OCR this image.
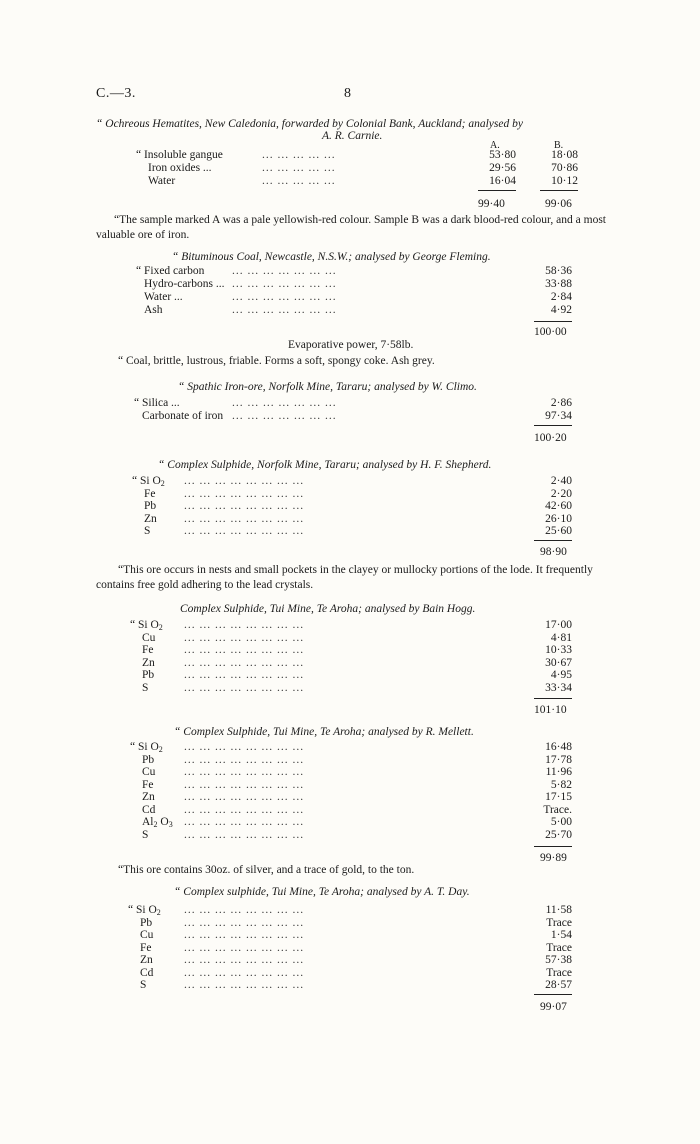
C.—3.	8
“ Ochreous Hematites, New Caledonia, forwarded by Colonial Bank, Auckland; analysed by
A. R. Carnie.
A.	B.
“ Insoluble gangue	... ... ... ... ...	53·80	18·08
Iron oxides ...	... ... ... ... ...	29·56	70·86
Water	... ... ... ... ...	16·04	10·12
99·40	99·06
“The sample marked A was a pale yellowish-red colour. Sample B was a dark blood-red colour, and a most valuable ore of iron.
“ Bituminous Coal, Newcastle, N.S.W.; analysed by George Fleming.
“ Fixed carbon ... ... ... ... ... ... ...	58·36
Hydro-carbons ... ... ... ... ... ... ... ...	33·88
Water ...	... ... ... ... ... ... ...	2·84
Ash	... ... ... ... ... ... ...	4·92
100·00
Evaporative power, 7·58lb.
“ Coal, brittle, lustrous, friable. Forms a soft, spongy coke. Ash grey.
“ Spathic Iron-ore, Norfolk Mine, Tararu; analysed by W. Climo.
“ Silica ...	... ... ... ... ... ... ...	2·86
Carbonate of iron ... ... ... ... ... ... ...	97·34
100·20
“ Complex Sulphide, Norfolk Mine, Tararu; analysed by H. F. Shepherd.
“ Si $O_2$ ... ... ... ... ... ... ... ...	2·40
Fe ... ... ... ... ... ... ... ...	2·20
Pb ... ... ... ... ... ... ... ...	42·60
Zn ... ... ... ... ... ... ... ...	26·10
S	... ... ... ... ... ... ... ...	25·60
98·90
“This ore occurs in nests and small pockets in the clayey or mullocky portions of the lode. It frequently contains free gold adhering to the lead crystals.
Complex Sulphide, Tui Mine, Te Aroha; analysed by Bain Hogg.
“ Si $O_2$ ... ... ... ... ... ... ... ...	17·00
Cu ... ... ... ... ... ... ... ...	4·81
Fe	... ... ... ... ... ... ... ...	10·33
Zn	... ... ... ... ... ... ... ...	30·67
Pb	... ... ... ... ... ... ... ...	4·95
S	... ... ... ... ... ... ... ...	33·34
101·10
“ Complex Sulphide, Tui Mine, Te Aroha; analysed by R. Mellett.
“ Si $O_2$ ... ... ... ... ... ... ... ...	16·48
Pb	... ... ... ... ... ... ... ...	17·78
Cu ... ... ... ... ... ... ... ...	11·96
Fe	... ... ... ... ... ... ... ...	5·82
Zn	... ... ... ... ... ... ... ...	17·15
Cd ... ... ... ... ... ... ... ...	Trace.
$Al_2$ $O_3$ ... ... ... ... ... ... ... ...	5·00
S	... ... ... ... ... ... ... ...	25·70
99·89
“This ore contains 30oz. of silver, and a trace of gold, to the ton.
“ Complex sulphide, Tui Mine, Te Aroha; analysed by A. T. Day.
“ Si $O_2$ ... ... ... ... ... ... ... ...	11·58
Pb	... ... ... ... ... ... ... ...	Trace
Cu	... ... ... ... ... ... ... ...	1·54
Fe	... ... ... ... ... ... ... ...	Trace
Zn	... ... ... ... ... ... ... ...	57·38
Cd	... ... ... ... ... ... ... ...	Trace
S	... ... ... ... ... ... ... ...	28·57
99·07
